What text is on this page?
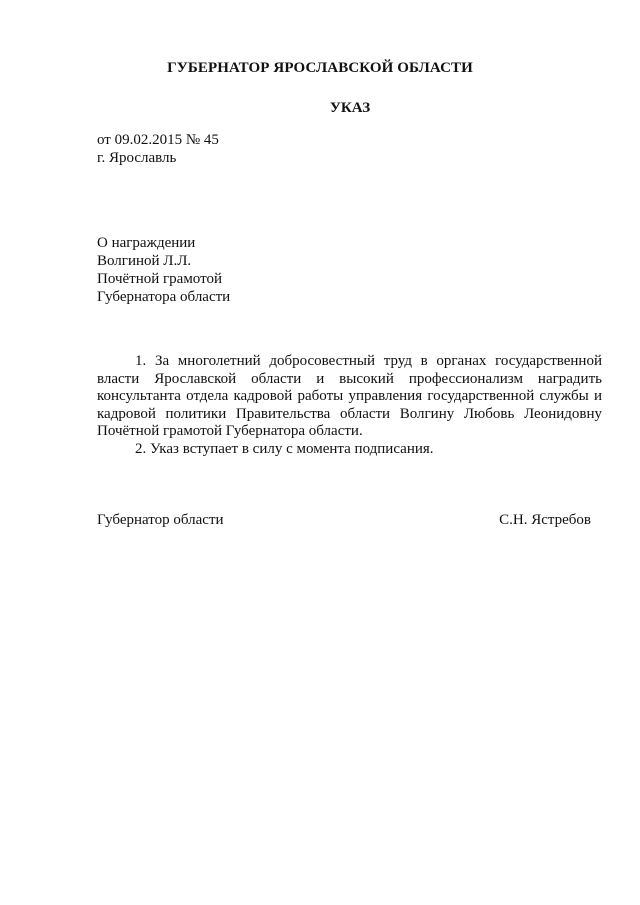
ГУБЕРНАТОР ЯРОСЛАВСКОЙ ОБЛАСТИ
УКАЗ
от 09.02.2015 № 45
г. Ярославль
О награждении
Волгиной Л.Л.
Почётной грамотой
Губернатора области

1. За многолетний добросовестный труд в органах государственной власти Ярославской области и высокий профессионализм наградить консультанта отдела кадровой работы управления государственной службы и кадровой политики Правительства области Волгину Любовь Леонидовну Почётной грамотой Губернатора области.

2. Указ вступает в силу с момента подписания.

Губернатор области	С.Н. Ястребов
